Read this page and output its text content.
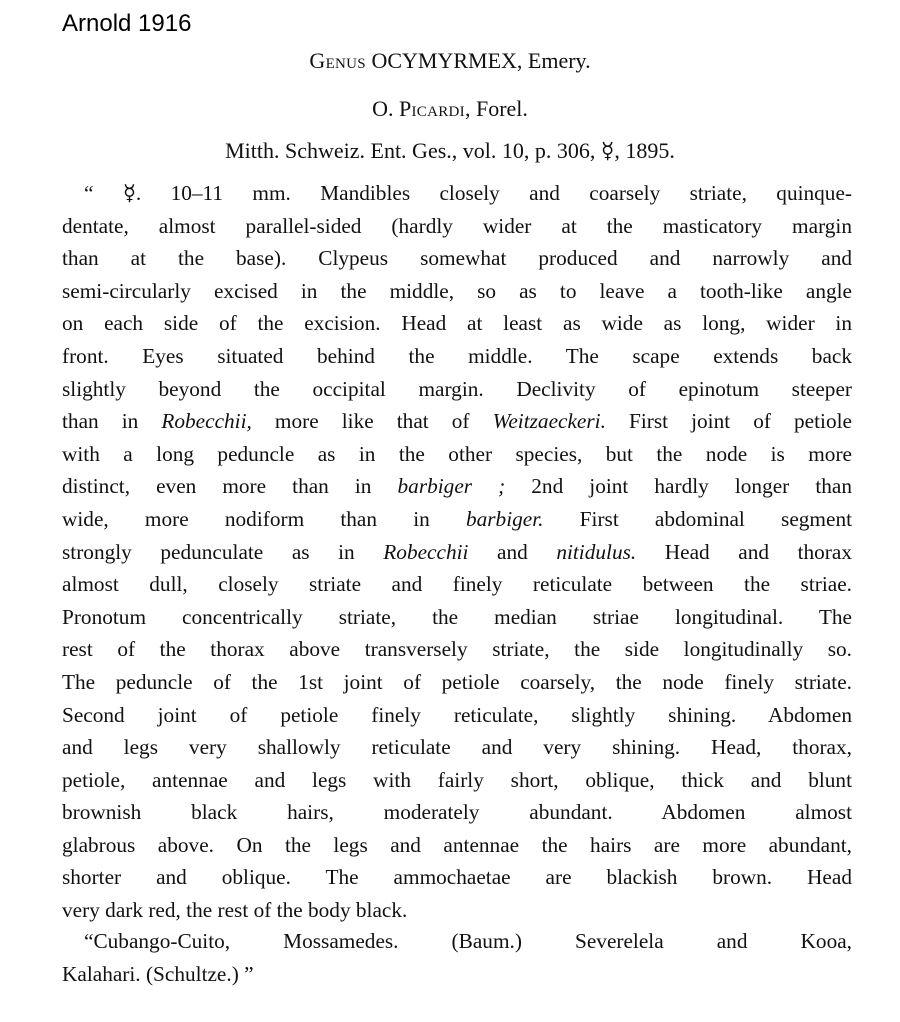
Arnold 1916
Genus OCYMYRMEX, Emery.
O. Picardi, Forel.
Mitth. Schweiz. Ent. Ges., vol. 10, p. 306, ☿, 1895.
“ ☿. 10–11 mm. Mandibles closely and coarsely striate, quinque-
dentate, almost parallel-sided (hardly wider at the masticatory margin
than at the base). Clypeus somewhat produced and narrowly and
semi-circularly excised in the middle, so as to leave a tooth-like angle
on each side of the excision. Head at least as wide as long, wider in
front. Eyes situated behind the middle. The scape extends back
slightly beyond the occipital margin. Declivity of epinotum steeper
than in Robecchii, more like that of Weitzaeckeri. First joint of petiole
with a long peduncle as in the other species, but the node is more
distinct, even more than in barbiger ; 2nd joint hardly longer than
wide, more nodiform than in barbiger. First abdominal segment
strongly pedunculate as in Robecchii and nitidulus. Head and thorax
almost dull, closely striate and finely reticulate between the striae.
Pronotum concentrically striate, the median striae longitudinal. The
rest of the thorax above transversely striate, the side longitudinally so.
The peduncle of the 1st joint of petiole coarsely, the node finely striate.
Second joint of petiole finely reticulate, slightly shining. Abdomen
and legs very shallowly reticulate and very shining. Head, thorax,
petiole, antennae and legs with fairly short, oblique, thick and blunt
brownish black hairs, moderately abundant. Abdomen almost
glabrous above. On the legs and antennae the hairs are more abundant,
shorter and oblique. The ammochaetae are blackish brown. Head
very dark red, the rest of the body black.
“Cubango-Cuito, Mossamedes. (Baum.) Severelela and Kooa,
Kalahari. (Schultze.) ”
